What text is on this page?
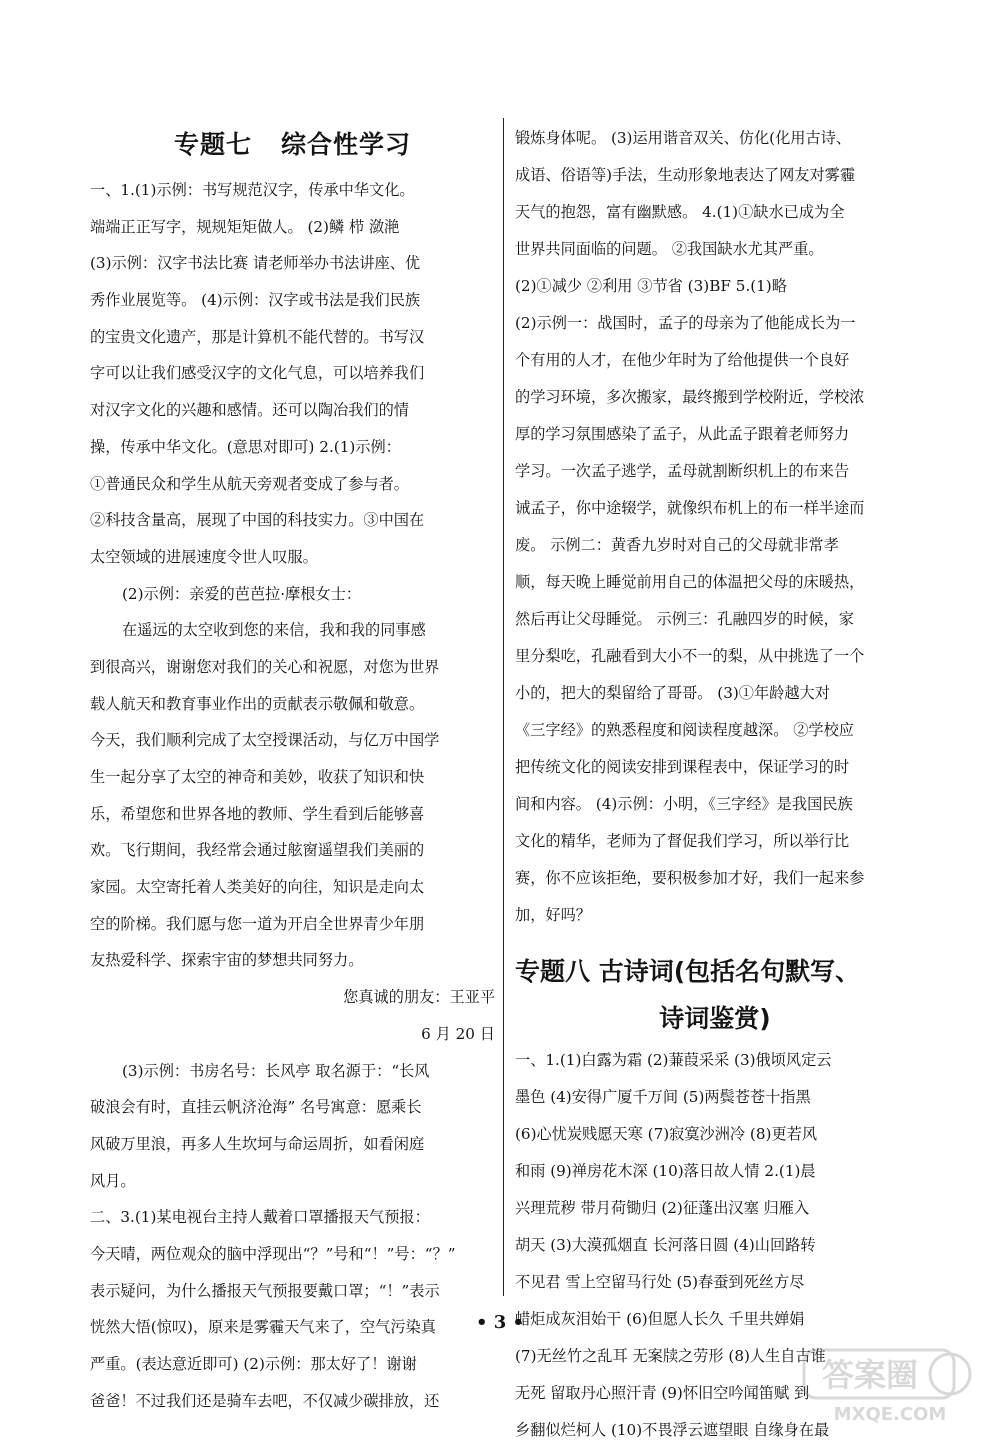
专题七   综合性学习
一、1.(1)示例：书写规范汉字，传承中华文化。
端端正正写字，规规矩矩做人。 (2)鳞 栉 潋滟
(3)示例：汉字书法比赛 请老师举办书法讲座、优
秀作业展览等。 (4)示例：汉字或书法是我们民族
的宝贵文化遗产，那是计算机不能代替的。书写汉
字可以让我们感受汉字的文化气息，可以培养我们
对汉字文化的兴趣和感情。还可以陶冶我们的情
操，传承中华文化。(意思对即可) 2.(1)示例：
①普通民众和学生从航天旁观者变成了参与者。
②科技含量高，展现了中国的科技实力。③中国在
太空领域的进展速度令世人叹服。
(2)示例：亲爱的芭芭拉·摩根女士：
在遥远的太空收到您的来信，我和我的同事感
到很高兴，谢谢您对我们的关心和祝愿，对您为世界
载人航天和教育事业作出的贡献表示敬佩和敬意。
今天，我们顺利完成了太空授课活动，与亿万中国学
生一起分享了太空的神奇和美妙，收获了知识和快
乐，希望您和世界各地的教师、学生看到后能够喜
欢。飞行期间，我经常会通过舷窗遥望我们美丽的
家园。太空寄托着人类美好的向往，知识是走向太
空的阶梯。我们愿与您一道为开启全世界青少年朋
友热爱科学、探索宇宙的梦想共同努力。
您真诚的朋友：王亚平
6 月 20 日
(3)示例：书房名号：长风亭 取名源于：“长风
破浪会有时，直挂云帆济沧海” 名号寓意：愿乘长
风破万里浪，再多人生坎坷与命运周折，如看闲庭
风月。
二、3.(1)某电视台主持人戴着口罩播报天气预报：
今天晴，两位观众的脑中浮现出“？”号和“！”号：“？”
表示疑问，为什么播报天气预报要戴口罩；“！”表示
恍然大悟(惊叹)，原来是雾霾天气来了，空气污染真
严重。(表达意近即可) (2)示例：那太好了！谢谢
爸爸！不过我们还是骑车去吧，不仅减少碳排放，还
锻炼身体呢。 (3)运用谐音双关、仿化(化用古诗、
成语、俗语等)手法，生动形象地表达了网友对雾霾
天气的抱怨，富有幽默感。 4.(1)①缺水已成为全
世界共同面临的问题。 ②我国缺水尤其严重。
(2)①减少 ②利用 ③节省 (3)BF 5.(1)略
(2)示例一：战国时，孟子的母亲为了他能成长为一
个有用的人才，在他少年时为了给他提供一个良好
的学习环境，多次搬家，最终搬到学校附近，学校浓
厚的学习氛围感染了孟子，从此孟子跟着老师努力
学习。一次孟子逃学，孟母就割断织机上的布来告
诫孟子，你中途辍学，就像织布机上的布一样半途而
废。 示例二：黄香九岁时对自己的父母就非常孝
顺，每天晚上睡觉前用自己的体温把父母的床暖热，
然后再让父母睡觉。 示例三：孔融四岁的时候，家
里分梨吃，孔融看到大小不一的梨，从中挑选了一个
小的，把大的梨留给了哥哥。 (3)①年龄越大对
《三字经》的熟悉程度和阅读程度越深。 ②学校应
把传统文化的阅读安排到课程表中，保证学习的时
间和内容。 (4)示例：小明，《三字经》是我国民族
文化的精华，老师为了督促我们学习，所以举行比
赛，你不应该拒绝，要积极参加才好，我们一起来参
加，好吗？
专题八 古诗词(包括名句默写、
诗词鉴赏)
一、1.(1)白露为霜 (2)蒹葭采采 (3)俄顷风定云
墨色 (4)安得广厦千万间 (5)两鬓苍苍十指黑
(6)心忧炭贱愿天寒 (7)寂寞沙洲冷 (8)更若风
和雨 (9)禅房花木深 (10)落日故人情 2.(1)晨
兴理荒秽 带月荷锄归 (2)征蓬出汉塞 归雁入
胡天 (3)大漠孤烟直 长河落日圆 (4)山回路转
不见君 雪上空留马行处 (5)春蚕到死丝方尽
蜡炬成灰泪始干 (6)但愿人长久 千里共婵娟
(7)无丝竹之乱耳 无案牍之劳形 (8)人生自古谁
无死 留取丹心照汗青 (9)怀旧空吟闻笛赋 到
乡翻似烂柯人 (10)不畏浮云遮望眼 自缘身在最
• 3 •
答案圈
MXQE.COM
